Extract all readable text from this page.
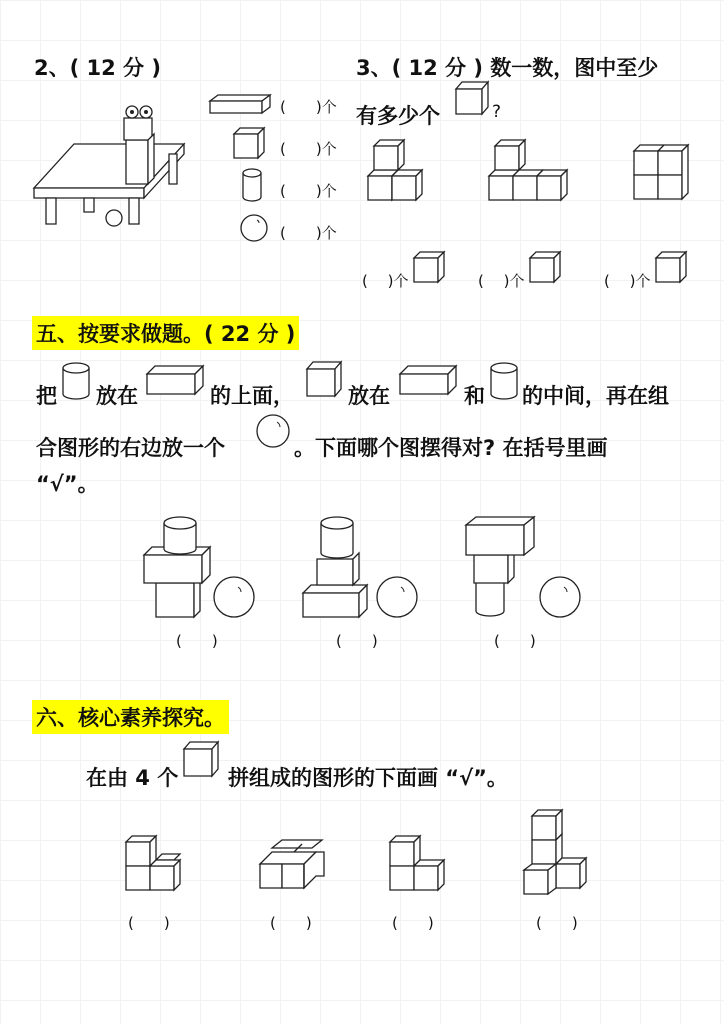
2、( 12 分 )
(　　)个
(　　)个
(　　)个
(　　)个
3、( 12 分 ) 数一数，图中至少
有多少个	?
(　 )个	(　 )个	(　 )个
五、按要求做题。( 22 分 )
把 放在	的上面，	放在	和 的中间，再在组
合图形的右边放一个	。下面哪个图摆得对? 在括号里画
“√”。
(　　)	(　　)	(　　)
六、核心素养探究。
在由 4 个 拼组成的图形的下面画 “√”。
(　　)	(　　)	(　　)	(　　)
